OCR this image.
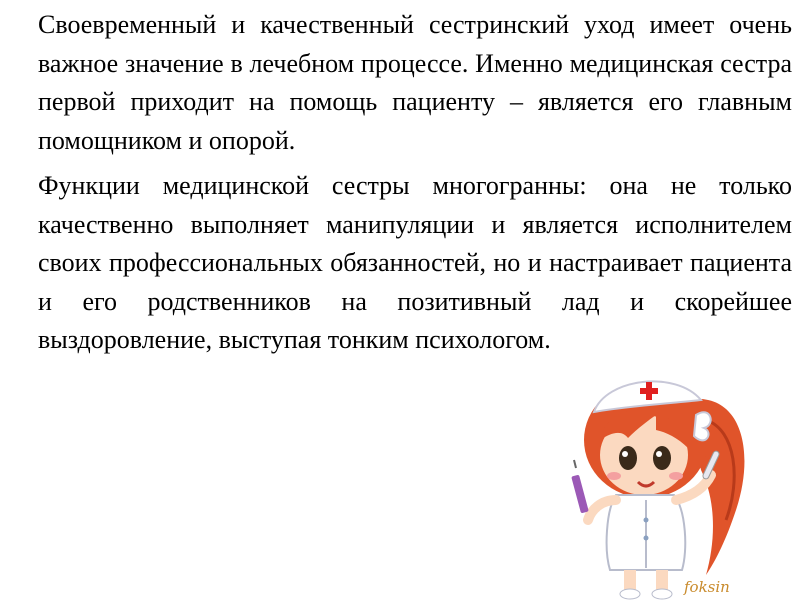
Своевременный и качественный сестринский уход имеет очень важное значение в лечебном процессе. Именно медицинская сестра первой приходит на помощь пациенту – является его главным помощником и опорой.

Функции медицинской сестры многогранны: она не только качественно выполняет манипуляции и является исполнителем своих профессиональных обязанностей, но и настраивает пациента и его родственников на позитивный лад и скорейшее выздоровление, выступая тонким психологом.

foksin
